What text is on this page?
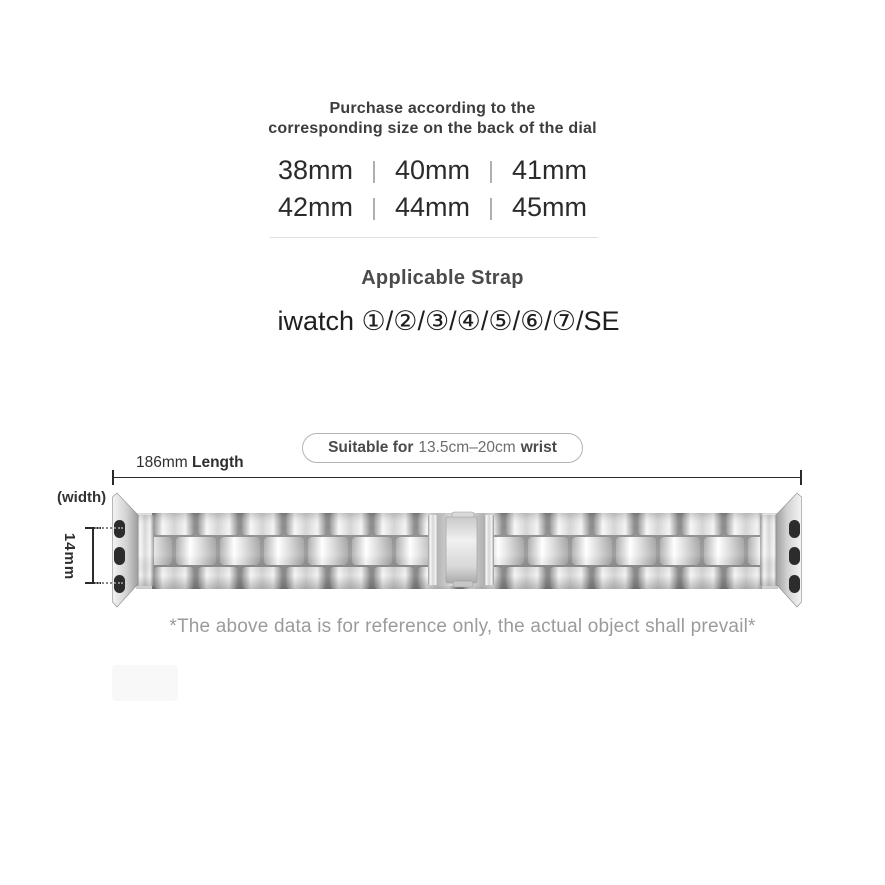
Purchase according to the
corresponding size on the back of the dial
38mm | 40mm | 41mm
42mm | 44mm | 45mm
Applicable Strap
iwatch ①/②/③/④/⑤/⑥/⑦/SE
Suitable for 13.5cm–20cm wrist
186mm Length
(width)
14mm
*The above data is for reference only, the actual object shall prevail*
